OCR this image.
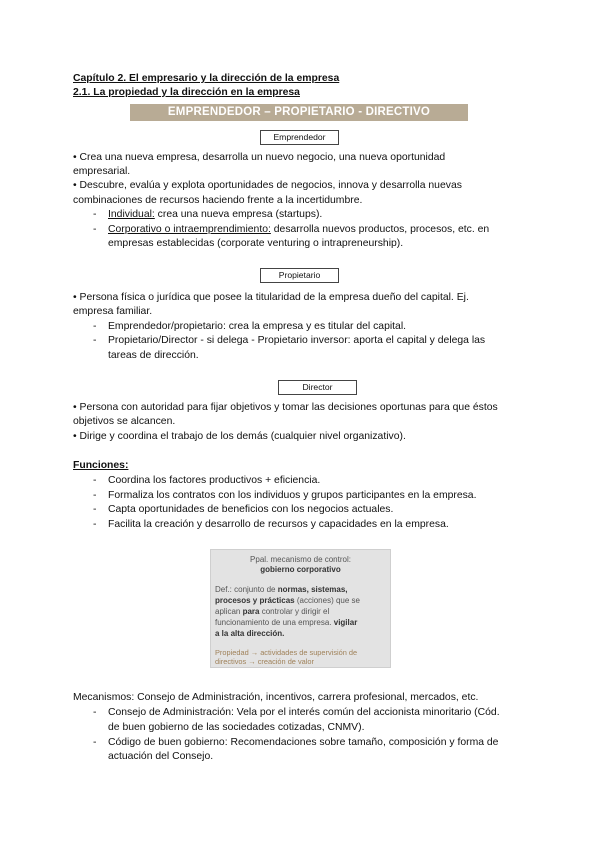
Capítulo 2. El empresario y la dirección de la empresa
2.1. La propiedad y la dirección en la empresa
EMPRENDEDOR – PROPIETARIO - DIRECTIVO
Emprendedor
• Crea una nueva empresa, desarrolla un nuevo negocio, una nueva oportunidad
empresarial.
• Descubre, evalúa y explota oportunidades de negocios, innova y desarrolla nuevas
combinaciones de recursos haciendo frente a la incertidumbre.
- Individual: crea una nueva empresa (startups).
- Corporativo o intraemprendimiento: desarrolla nuevos productos, procesos, etc. en
empresas establecidas (corporate venturing o intrapreneurship).
Propietario
• Persona física o jurídica que posee la titularidad de la empresa dueño del capital. Ej.
empresa familiar.
- Emprendedor/propietario: crea la empresa y es titular del capital.
- Propietario/Director - si delega - Propietario inversor: aporta el capital y delega las
tareas de dirección.
Director
• Persona con autoridad para fijar objetivos y tomar las decisiones oportunas para que éstos
objetivos se alcancen.
• Dirige y coordina el trabajo de los demás (cualquier nivel organizativo).
Funciones:
- Coordina los factores productivos + eficiencia.
- Formaliza los contratos con los individuos y grupos participantes en la empresa.
- Capta oportunidades de beneficios con los negocios actuales.
- Facilita la creación y desarrollo de recursos y capacidades en la empresa.
Ppal. mecanismo de control:
gobierno corporativo
Def.: conjunto de normas, sistemas,
procesos y prácticas (acciones) que se
aplican para controlar y dirigir el
funcionamiento de una empresa. vigilar
a la alta dirección.
Propiedad → actividades de supervisión de
directivos → creación de valor
Mecanismos: Consejo de Administración, incentivos, carrera profesional, mercados, etc.
- Consejo de Administración: Vela por el interés común del accionista minoritario (Cód.
de buen gobierno de las sociedades cotizadas, CNMV).
- Código de buen gobierno: Recomendaciones sobre tamaño, composición y forma de
actuación del Consejo.
